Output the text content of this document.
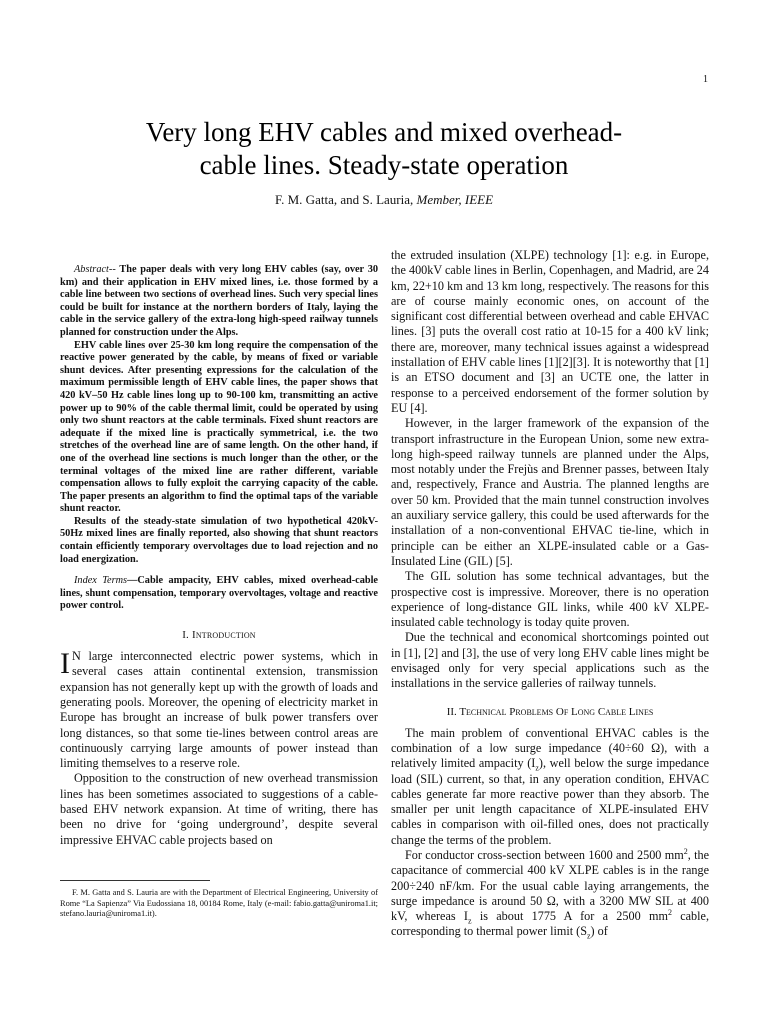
1
Very long EHV cables and mixed overhead-
cable lines. Steady-state operation
F. M. Gatta, and S. Lauria, Member, IEEE

Abstract-- The paper deals with very long EHV cables (say, over 30 km) and their application in EHV mixed lines, i.e. those formed by a cable line between two sections of overhead lines. Such very special lines could be built for instance at the northern borders of Italy, laying the cable in the service gallery of the extra-long high-speed railway tunnels planned for construction under the Alps.

EHV cable lines over 25-30 km long require the compensation of the reactive power generated by the cable, by means of fixed or variable shunt devices. After presenting expressions for the calculation of the maximum permissible length of EHV cable lines, the paper shows that 420 kV–50 Hz cable lines long up to 90-100 km, transmitting an active power up to 90% of the cable thermal limit, could be operated by using only two shunt reactors at the cable terminals. Fixed shunt reactors are adequate if the mixed line is practically symmetrical, i.e. the two stretches of the overhead line are of same length. On the other hand, if one of the overhead line sections is much longer than the other, or the terminal voltages of the mixed line are rather different, variable compensation allows to fully exploit the carrying capacity of the cable. The paper presents an algorithm to find the optimal taps of the variable shunt reactor.

Results of the steady-state simulation of two hypothetical 420kV-50Hz mixed lines are finally reported, also showing that shunt reactors contain efficiently temporary overvoltages due to load rejection and no load energization.

Index Terms—Cable ampacity, EHV cables, mixed overhead-cable lines, shunt compensation, temporary overvoltages, voltage and reactive power control.

I. Introduction

I N large interconnected electric power systems, which in several cases attain continental extension, transmission expansion has not generally kept up with the growth of loads and generating pools. Moreover, the opening of electricity market in Europe has brought an increase of bulk power transfers over long distances, so that some tie-lines between control areas are continuously carrying large amounts of power instead than limiting themselves to a reserve role.

Opposition to the construction of new overhead transmission lines has been sometimes associated to suggestions of a cable-based EHV network expansion. At time of writing, there has been no drive for ‘going underground’, despite several impressive EHVAC cable projects based on

F. M. Gatta and S. Lauria are with the Department of Electrical Engineering, University of Rome “La Sapienza” Via Eudossiana 18, 00184 Rome, Italy (e-mail: fabio.gatta@uniroma1.it; stefano.lauria@uniroma1.it).

the extruded insulation (XLPE) technology [1]: e.g. in Europe, the 400kV cable lines in Berlin, Copenhagen, and Madrid, are 24 km, 22+10 km and 13 km long, respectively. The reasons for this are of course mainly economic ones, on account of the significant cost differential between overhead and cable EHVAC lines. [3] puts the overall cost ratio at 10-15 for a 400 kV link; there are, moreover, many technical issues against a widespread installation of EHV cable lines [1][2][3]. It is noteworthy that [1] is an ETSO document and [3] an UCTE one, the latter in response to a perceived endorsement of the former solution by EU [4].

However, in the larger framework of the expansion of the transport infrastructure in the European Union, some new extra-long high-speed railway tunnels are planned under the Alps, most notably under the Frejùs and Brenner passes, between Italy and, respectively, France and Austria. The planned lengths are over 50 km. Provided that the main tunnel construction involves an auxiliary service gallery, this could be used afterwards for the installation of a non-conventional EHVAC tie-line, which in principle can be either an XLPE-insulated cable or a Gas-Insulated Line (GIL) [5].

The GIL solution has some technical advantages, but the prospective cost is impressive. Moreover, there is no operation experience of long-distance GIL links, while 400 kV XLPE-insulated cable technology is today quite proven.

Due the technical and economical shortcomings pointed out in [1], [2] and [3], the use of very long EHV cable lines might be envisaged only for very special applications such as the installations in the service galleries of railway tunnels.

II. Technical Problems Of Long Cable Lines

The main problem of conventional EHVAC cables is the combination of a low surge impedance (40÷60 Ω), with a relatively limited ampacity $(I_z)$, well below the surge impedance load (SIL) current, so that, in any operation condition, EHVAC cables generate far more reactive power than they absorb. The smaller per unit length capacitance of XLPE-insulated EHV cables in comparison with oil-filled ones, does not practically change the terms of the problem.

For conductor cross-section between 1600 and 2500 $mm^2$, the capacitance of commercial 400 kV XLPE cables is in the range 200÷240 nF/km. For the usual cable laying arrangements, the surge impedance is around 50 Ω, with a 3200 MW SIL at 400 kV, whereas $I_z$ is about 1775 A for a 2500 $mm^2$ cable, corresponding to thermal power limit $(S_z)$ of
